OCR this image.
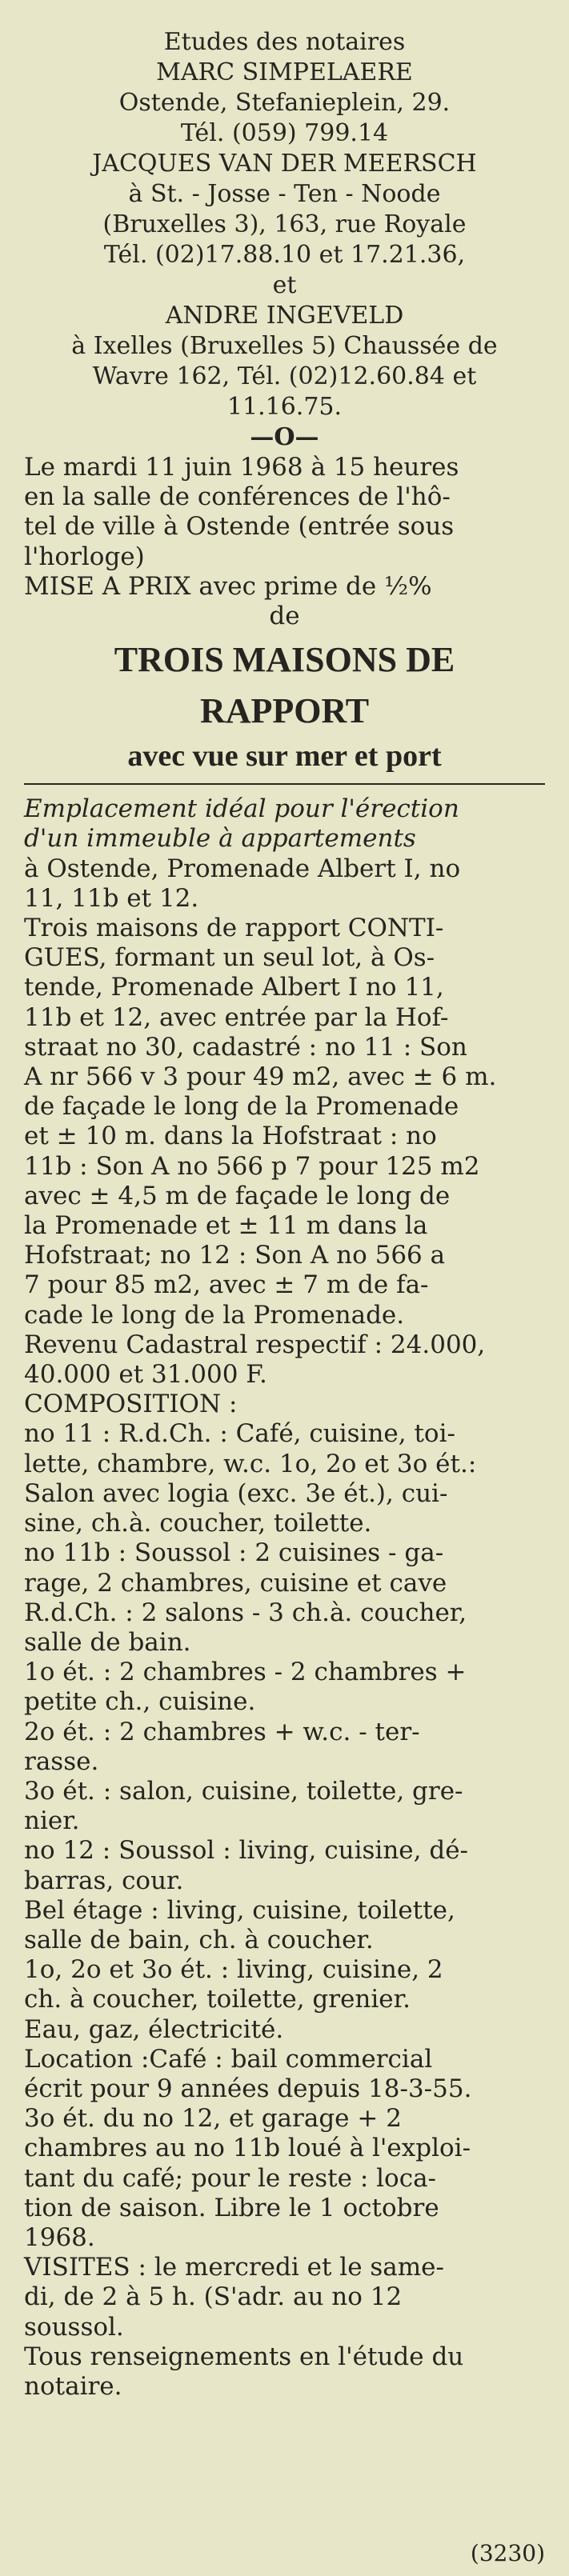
Etudes des notaires
MARC SIMPELAERE
Ostende, Stefanieplein, 29.
Tél. (059) 799.14
JACQUES VAN DER MEERSCH
à St. - Josse - Ten - Noode
(Bruxelles 3), 163, rue Royale
Tél. (02)17.88.10 et 17.21.36,
et
ANDRE INGEVELD
à Ixelles (Bruxelles 5) Chaussée de
Wavre 162, Tél. (02)12.60.84 et
11.16.75.
—O—
Le mardi 11 juin 1968 à 15 heures
en la salle de conférences de l'hô-
tel de ville à Ostende (entrée sous
l'horloge)
MISE A PRIX avec prime de ½%
de
TROIS MAISONS DE
RAPPORT
avec vue sur mer et port
Emplacement idéal pour l'érection
d'un immeuble à appartements
à Ostende, Promenade Albert I, no
11, 11b et 12.
Trois maisons de rapport CONTI-
GUES, formant un seul lot, à Os-
tende, Promenade Albert I no 11,
11b et 12, avec entrée par la Hof-
straat no 30, cadastré : no 11 : Son
A nr 566 v 3 pour 49 m2, avec ± 6 m.
de façade le long de la Promenade
et ± 10 m. dans la Hofstraat : no
11b : Son A no 566 p 7 pour 125 m2
avec ± 4,5 m de façade le long de
la Promenade et ± 11 m dans la
Hofstraat; no 12 : Son A no 566 a
7 pour 85 m2, avec ± 7 m de fa-
cade le long de la Promenade.
Revenu Cadastral respectif : 24.000,
40.000 et 31.000 F.
COMPOSITION :
no 11 : R.d.Ch. : Café, cuisine, toi-
lette, chambre, w.c. 1o, 2o et 3o ét.:
Salon avec logia (exc. 3e ét.), cui-
sine, ch.à. coucher, toilette.
no 11b : Soussol : 2 cuisines - ga-
rage, 2 chambres, cuisine et cave
R.d.Ch. : 2 salons - 3 ch.à. coucher,
salle de bain.
1o ét. : 2 chambres - 2 chambres +
petite ch., cuisine.
2o ét. : 2 chambres + w.c. - ter-
rasse.
3o ét. : salon, cuisine, toilette, gre-
nier.
no 12 : Soussol : living, cuisine, dé-
barras, cour.
Bel étage : living, cuisine, toilette,
salle de bain, ch. à coucher.
1o, 2o et 3o ét. : living, cuisine, 2
ch. à coucher, toilette, grenier.
Eau, gaz, électricité.
Location :Café : bail commercial
écrit pour 9 années depuis 18-3-55.
3o ét. du no 12, et garage + 2
chambres au no 11b loué à l'exploi-
tant du café; pour le reste : loca-
tion de saison. Libre le 1 octobre
1968.
VISITES : le mercredi et le same-
di, de 2 à 5 h. (S'adr. au no 12
soussol.
Tous renseignements en l'étude du
notaire.
(3230)
